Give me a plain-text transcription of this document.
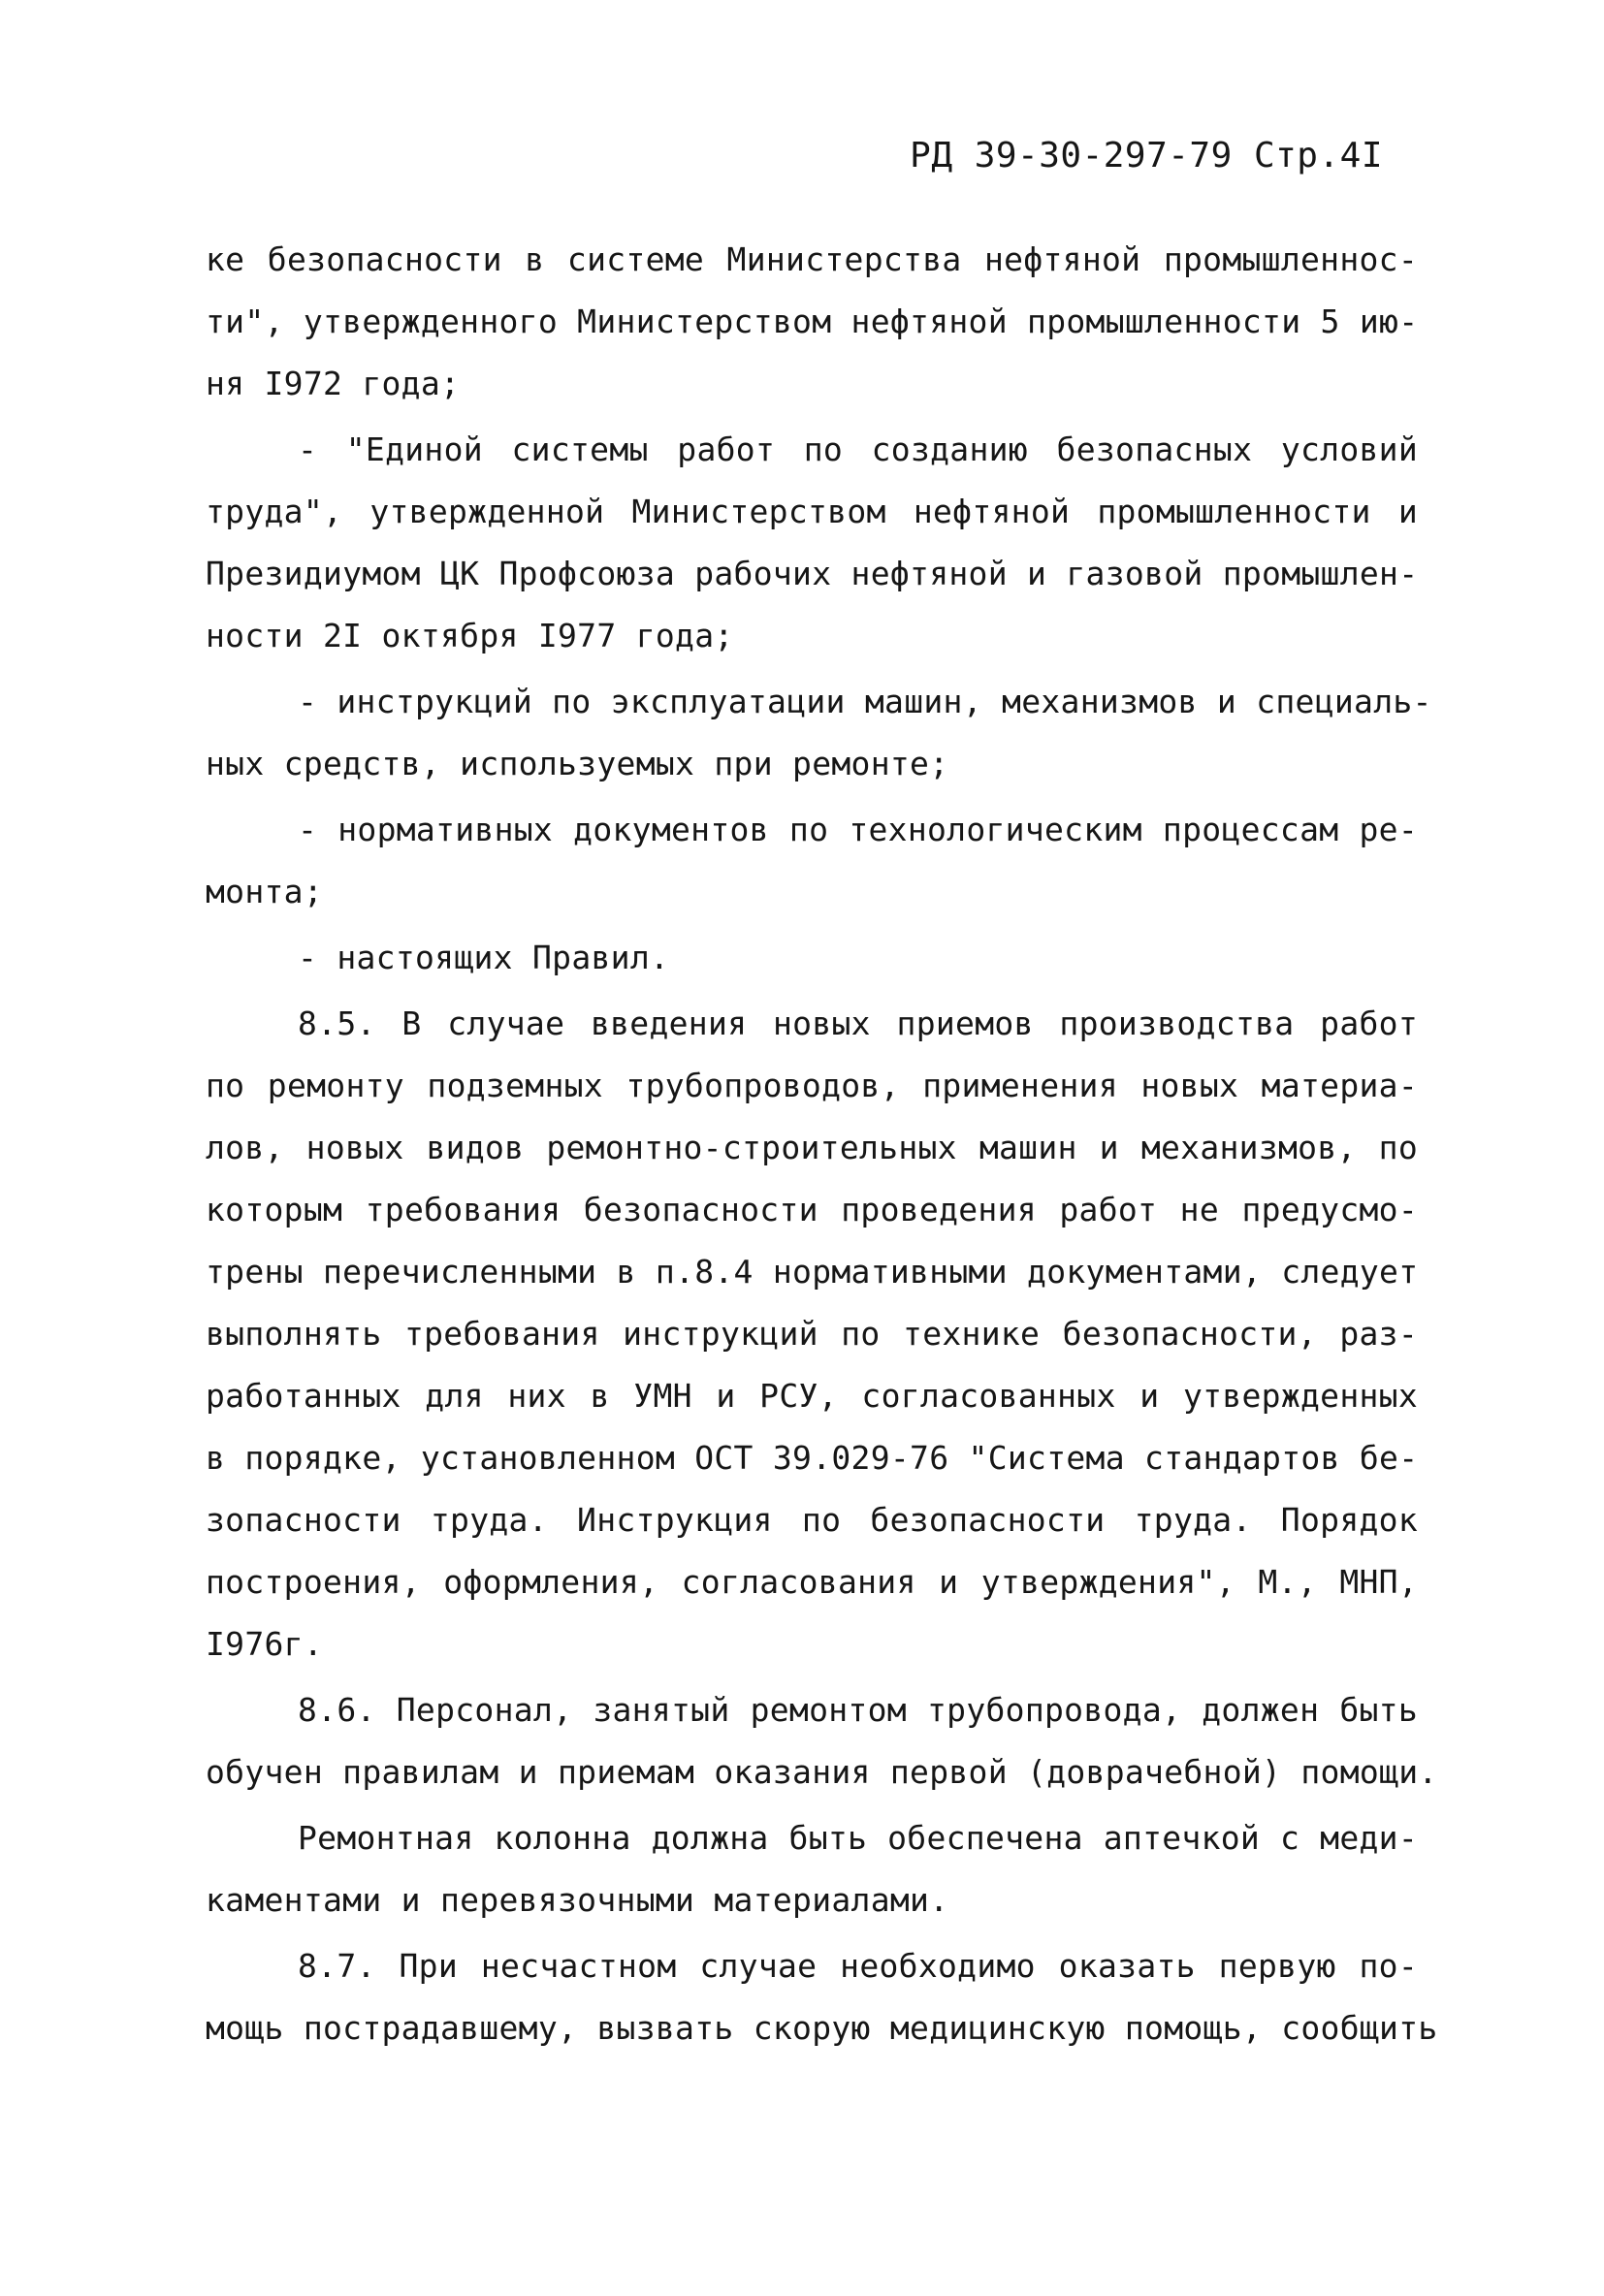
РД 39-30-297-79 Стр.4I
ке безопасности в системе Министерства нефтяной промышленнос-
ти", утвержденного Министерством нефтяной промышленности 5 ию-
ня I972 года;
- "Единой системы работ по созданию безопасных условий
труда", утвержденной Министерством нефтяной промышленности и
Президиумом ЦК Профсоюза рабочих нефтяной и газовой промышлен-
ности 2I октября I977 года;
- инструкций по эксплуатации машин, механизмов и специаль-
ных средств, используемых при ремонте;
- нормативных документов по технологическим процессам ре-
монта;
- настоящих Правил.
8.5. В случае введения новых приемов производства работ
по ремонту подземных трубопроводов, применения новых материа-
лов, новых видов ремонтно-строительных машин и механизмов, по
которым требования безопасности проведения работ не предусмо-
трены перечисленными в п.8.4 нормативными документами, следует
выполнять требования инструкций по технике безопасности, раз-
работанных для них в УМН и РСУ, согласованных и утвержденных
в порядке, установленном ОСТ 39.029-76 "Система стандартов бе-
зопасности труда. Инструкция по безопасности труда. Порядок
построения, оформления, согласования и утверждения", М., МНП,
I976г.
8.6. Персонал, занятый ремонтом трубопровода, должен быть
обучен правилам и приемам оказания первой (доврачебной) помощи.
Ремонтная колонна должна быть обеспечена аптечкой с меди-
каментами и перевязочными материалами.
8.7. При несчастном случае необходимо оказать первую по-
мощь пострадавшему, вызвать скорую медицинскую помощь, сообщить
